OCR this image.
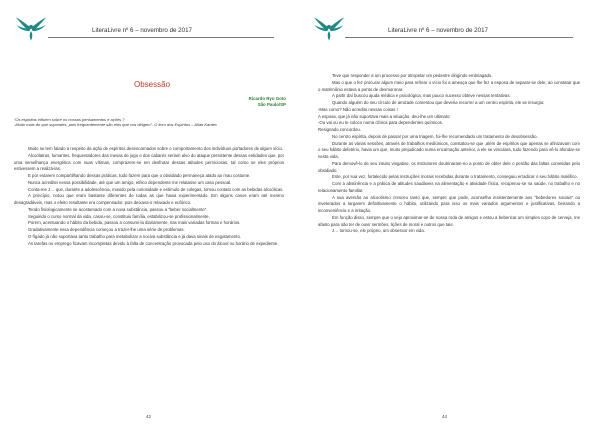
LiteraLivre nº 6 – novembro de 2017
Obsessão
Ricardo Ryo Goto
São Paulo/SP
“Os espíritos influem sobre os nossos pensamentos e ações ?
-Muito mais do que supondes, pois frequentemente são eles que vos dirigem”- O livro dos Espíritos – Allan Kardec

Muito se tem falado a respeito da ação de espíritos desencarnados sobre o comportamento dos indivíduos portadores de algum vício.

Alcoólatras, fumantes, frequentadores das mesas de jogo e dos cabarés seriam alvo do ataque persistente dessas entidades que, por uma semelhança energética com suas vítimas, comprazem-se em desfrutar dessas atitudes perniciosas, tal como se eles próprios estivessem a realizá-las.

E por estarem compartilhando dessas práticas, tudo fazem para que o obsidiado permaneça atado ao mau costume.

Nunca acreditei nessa possibilidade, até que um amigo, etílico dependente me relatasse um caso pessoal.

Conta-me J… que, durante a adolescência, movido pela curiosidade e estímulo de colegas, tomou contato com as bebidas alcoólicas.

A princípio, notou que eram bastante diferentes de todas as que havia experimentado. Em alguns casos eram até mesmo desagradáveis, mas o efeito resultante era compensador, pois deixava-o relaxado e eufórico.

Tendo fisiologicamente se acostumado com a nova substância, passou a “beber socialmente”.

Seguindo o curso normal da vida, casou-se, constituiu família, estabilizou-se profissionalmente.

Porém, acentuando o hábito da bebida, passou a consumi-la diariamente, nas mais variadas formas e horários.

Gradativamente essa dependência começou a trazer-lhe uma série de problemas.

O fígado já não suportava tanto trabalho para metabolizar a nociva substância e já dava sinais de esgotamento.

As tarefas no emprego ficavam incompletas devido à falta de concentração provocada pelo uso do álcool no horário de expediente.

42
LiteraLivre nº 6 – novembro de 2017

Teve que responder a um processo por atropelar um pedestre dirigindo embriagado.

Mas o que o fez procurar algum meio para refrear o vício foi a ameaça que lhe fez a esposa de separar-se dele, ao constatar que o matrimônio estava a ponto de desmoronar.

A partir daí buscou ajuda médica e psicológica, mas pouco sucesso obteve nessas tentativas.

Quando alguém do seu círculo de amizade comentou que deveria recorrer a um centro espírita, ele se insurgiu:

-Mas como? Não acredito nessas coisas !

A esposa, que já não suportava mais a situação, deu-lhe um ultimato:

-Ou vai ou eu te coloco numa clínica para dependentes químicos.

Resignado,concordou.

No centro espírita, depois de passar por uma triagem, foi-lhe recomendado um tratamento de desobsessão.

Durante as várias sessões, através de trabalhos mediúnicos, constatou-se que ,além de espíritos que apenas se afinizavam com o seu hábito deletério, havia um que, muito prejudicado numa encarnação anterior, a ele se vinculara, tudo fazendo para vê-lo afundar-se nesta vida.

Para demovê-lo de seu intuito vingativo, os instrutores doutrinaram-no a ponto de obter dele o perdão das faltas cometidas pelo obsidiado.

Este, por sua vez, fortalecido pelas instruções morais recebidas durante o tratamento, conseguiu erradicar o seu hábito maléfico.

Com a abstinência e a prática de atitudes saudáveis na alimentação e atividade física, recuperou-se na saúde, no trabalho e no relacionamento familiar.

A sua aversão ao alcoolismo cresceu tanto que, sempre que pode, aconselha insistentemente aos “bebedores sociais” ou inveterados a largarem definitivamente o hábito, utilizando para isso os mais variados argumentos e justificativas, beirando a inconveniência e a irritação.

Em função disso, sempre que o vejo aproximar-se de nossa roda de amigos e estou a bebericar um simples copo de cerveja, me afasto para não ter de ouvir sermões, lições de moral e outros que tais.

J… tornou-se, ele próprio, um obsessor em vida.

44
